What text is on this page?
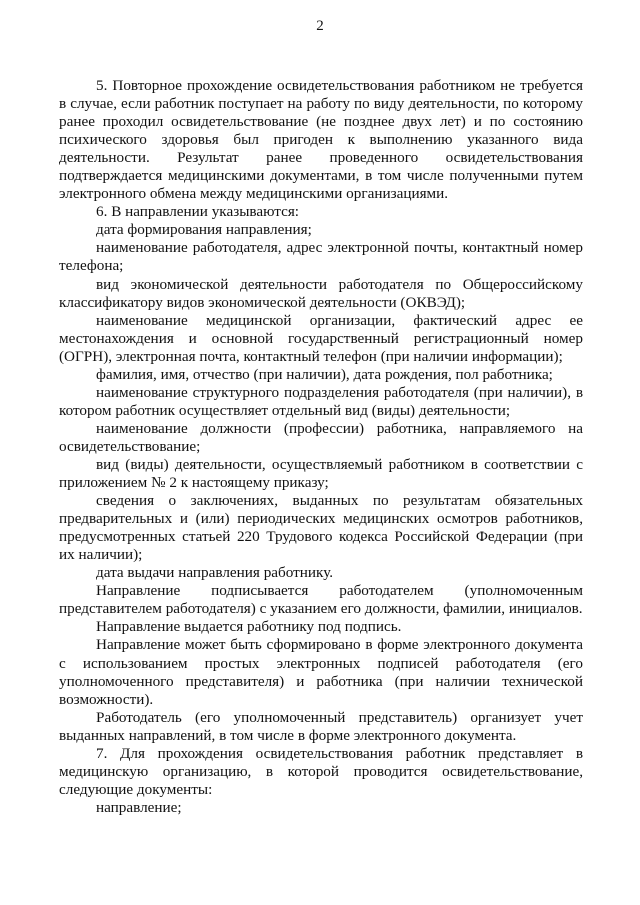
2

5. Повторное прохождение освидетельствования работником не требуется в случае, если работник поступает на работу по виду деятельности, по которому ранее проходил освидетельствование (не позднее двух лет) и по состоянию психического здоровья был пригоден к выполнению указанного вида деятельности. Результат ранее проведенного освидетельствования подтверждается медицинскими документами, в том числе полученными путем электронного обмена между медицинскими организациями.

6. В направлении указываются:

дата формирования направления;

наименование работодателя, адрес электронной почты, контактный номер телефона;

вид экономической деятельности работодателя по Общероссийскому классификатору видов экономической деятельности (ОКВЭД);

наименование медицинской организации, фактический адрес ее местонахождения и основной государственный регистрационный номер (ОГРН), электронная почта, контактный телефон (при наличии информации);

фамилия, имя, отчество (при наличии), дата рождения, пол работника;

наименование структурного подразделения работодателя (при наличии), в котором работник осуществляет отдельный вид (виды) деятельности;

наименование должности (профессии) работника, направляемого на освидетельствование;

вид (виды) деятельности, осуществляемый работником в соответствии с приложением № 2 к настоящему приказу;

сведения о заключениях, выданных по результатам обязательных предварительных и (или) периодических медицинских осмотров работников, предусмотренных статьей 220 Трудового кодекса Российской Федерации (при их наличии);

дата выдачи направления работнику.

Направление подписывается работодателем (уполномоченным представителем работодателя) с указанием его должности, фамилии, инициалов.

Направление выдается работнику под подпись.

Направление может быть сформировано в форме электронного документа с использованием простых электронных подписей работодателя (его уполномоченного представителя) и работника (при наличии технической возможности).

Работодатель (его уполномоченный представитель) организует учет выданных направлений, в том числе в форме электронного документа.

7. Для прохождения освидетельствования работник представляет в медицинскую организацию, в которой проводится освидетельствование, следующие документы:

направление;
